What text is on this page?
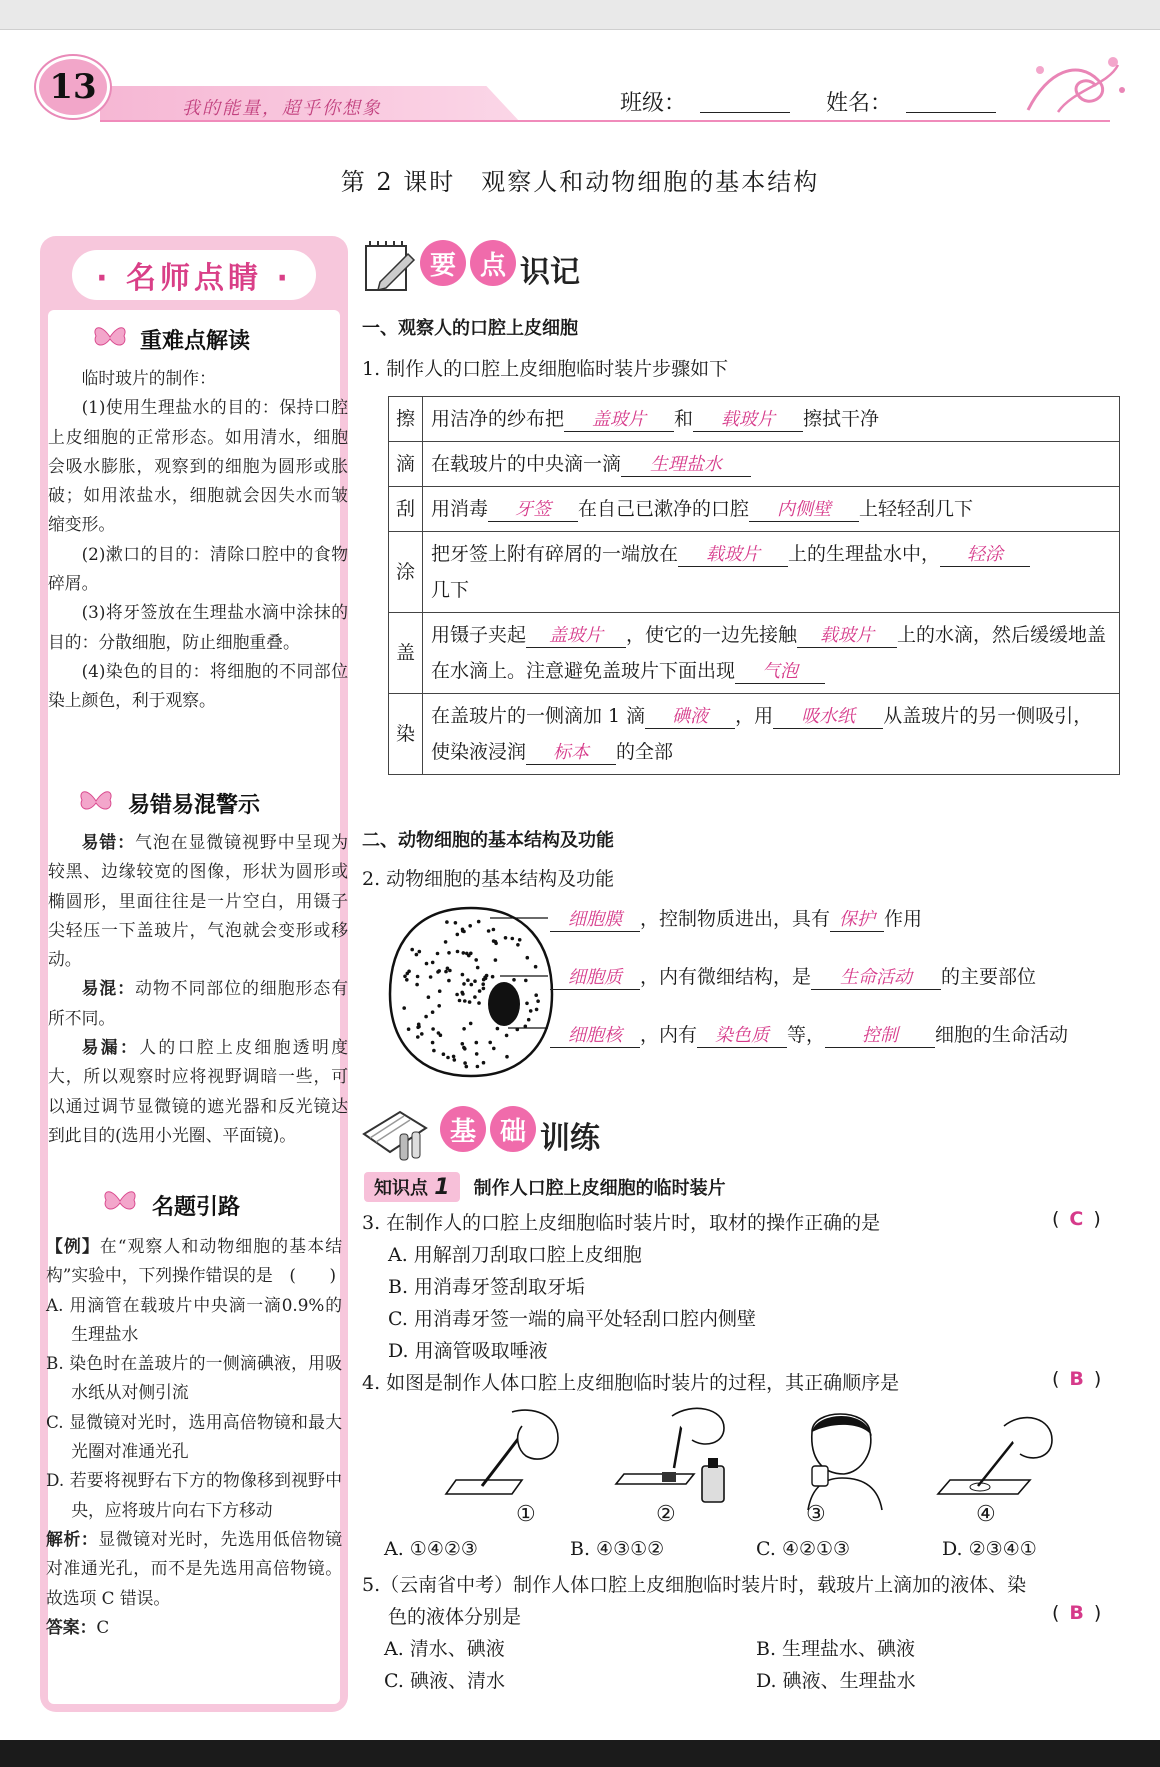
13
我的能量，超乎你想象	班级：	姓名：
第 2 课时　观察人和动物细胞的基本结构
· 名师点睛 ·
重难点解读

临时玻片的制作：

(1)使用生理盐水的目的：保持口腔上皮细胞的正常形态。如用清水，细胞会吸水膨胀，观察到的细胞为圆形或胀破；如用浓盐水，细胞就会因失水而皱缩变形。

(2)漱口的目的：清除口腔中的食物碎屑。

(3)将牙签放在生理盐水滴中涂抹的目的：分散细胞，防止细胞重叠。

(4)染色的目的：将细胞的不同部位染上颜色，利于观察。

易错易混警示

易错：气泡在显微镜视野中呈现为较黑、边缘较宽的图像，形状为圆形或椭圆形，里面往往是一片空白，用镊子尖轻压一下盖玻片，气泡就会变形或移动。

易混：动物不同部位的细胞形态有所不同。

易漏：人的口腔上皮细胞透明度大，所以观察时应将视野调暗一些，可以通过调节显微镜的遮光器和反光镜达到此目的(选用小光圈、平面镜)。

名题引路

【例】在“观察人和动物细胞的基本结构”实验中，下列操作错误的是 (　　)

A. 用滴管在载玻片中央滴一滴0.9%的生理盐水

B. 染色时在盖玻片的一侧滴碘液，用吸水纸从对侧引流

C. 显微镜对光时，选用高倍物镜和最大光圈对准通光孔

D. 若要将视野右下方的物像移到视野中央，应将玻片向右下方移动

解析：显微镜对光时，先选用低倍物镜对准通光孔，而不是先选用高倍物镜。故选项 C 错误。

答案：C

要 点 识记
一、观察人的口腔上皮细胞
1. 制作人的口腔上皮细胞临时装片步骤如下
擦	用洁净的纱布把 盖玻片 和 载玻片 擦拭干净
滴	在载玻片的中央滴一滴 生理盐水
刮	用消毒 牙签 在自己已漱净的口腔 内侧壁 上轻轻刮几下
涂	把牙签上附有碎屑的一端放在 载玻片 上的生理盐水中， 轻涂
几下
盖	用镊子夹起 盖玻片 ，使它的一边先接触 载玻片 上的水滴，然后缓缓地盖在水滴上。注意避免盖玻片下面出现 气泡
染	在盖玻片的一侧滴加 1 滴 碘液 ，用 吸水纸 从盖玻片的另一侧吸引，使染液浸润 标本 的全部
二、动物细胞的基本结构及功能
2. 动物细胞的基本结构及功能
细胞膜 ，控制物质进出，具有 保护 作用
细胞质 ，内有微细结构，是 生命活动 的主要部位
细胞核 ，内有 染色质 等， 控制 细胞的生命活动
基 础 训练
知识点 1 制作人口腔上皮细胞的临时装片
3. 在制作人的口腔上皮细胞临时装片时，取材的操作正确的是	( C )
A. 用解剖刀刮取口腔上皮细胞
B. 用消毒牙签刮取牙垢
C. 用消毒牙签一端的扁平处轻刮口腔内侧壁
D. 用滴管吸取唾液
4. 如图是制作人体口腔上皮细胞临时装片的过程，其正确顺序是	( B )
①	②	③	④
A. ①④②③	B. ④③①②	C. ④②①③	D. ②③④①
5.（云南省中考）制作人体口腔上皮细胞临时装片时，载玻片上滴加的液体、染
色的液体分别是	( B )
A. 清水、碘液	B. 生理盐水、碘液
C. 碘液、清水	D. 碘液、生理盐水
